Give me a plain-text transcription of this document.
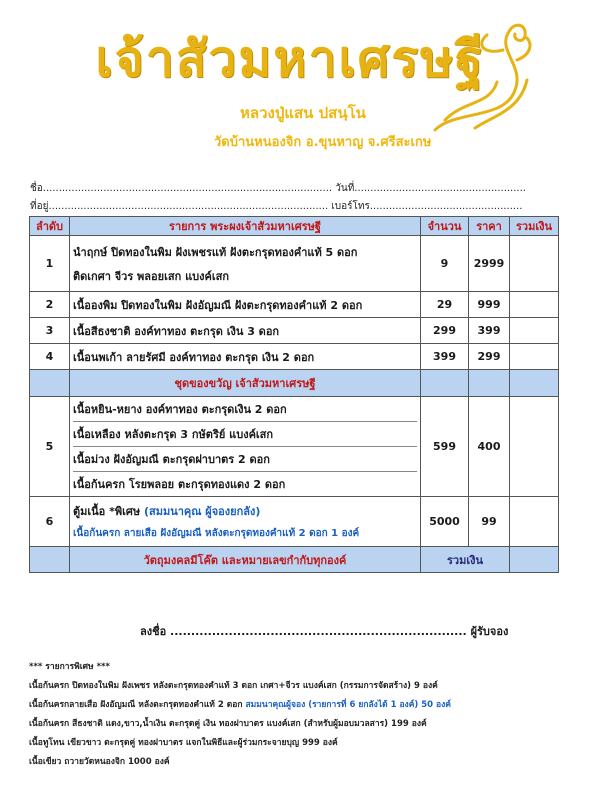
เจ้าสัวมหาเศรษฐี
หลวงปู่แสน ปสนฺโน
วัดบ้านหนองจิก อ.ขุนหาญ จ.ศรีสะเกษ
ชื่อ........................................................................................... วันที่......................................................
ที่อยู่........................................................................................ เบอร์โทร................................................
ลำดับ	รายการ พระผงเจ้าสัวมหาเศรษฐี	จำนวน	ราคา	รวมเงิน
1	นำฤกษ์ ปิดทองในพิม ฝังเพชรแท้ ฝังตะกรุดทองคำแท้ 5 ดอก
ติดเกศา จีวร พลอยเสก แบงค์เสก	9	2999	
2	เนื้อองพิม ปิดทองในพิม ฝังอัญมณี ฝังตะกรุดทองคำแท้ 2 ดอก	29	999	
3	เนื้อสีธงชาติ องค์ทาทอง ตะกรุด เงิน 3 ดอก	299	399	
4	เนื้อนพเก้า ลายรัศมี องค์ทาทอง ตะกรุด เงิน 2 ดอก	399	299	
	ชุดของขวัญ เจ้าสัวมหาเศรษฐี			
5	เนื้อหยิน-หยาง องค์ทาทอง ตะกรุดเงิน 2 ดอก
เนื้อเหลือง หลังตะกรุด 3 กษัตริย์ แบงค์เสก
เนื้อม่วง ฝังอัญมณี ตะกรุดฝาบาตร 2 ดอก
เนื้อก้นครก โรยพลอย ตะกรุดทองแดง 2 ดอก	599	400	
6	ตู้มเนื้อ *พิเศษ (สมมนาคุณ ผู้จองยกลัง)
เนื้อก้นครก ลายเสือ ฝังอัญมณี หลังตะกรุดทองคำแท้ 2 ดอก 1 องค์	5000	99	
	วัตถุมงคลมีโค๊ต และหมายเลขกำกับทุกองค์	รวมเงิน		
ลงชื่อ ....................................................................... ผู้รับจอง
*** รายการพิเศษ ***
เนื้อก้นครก ปิดทองในพิม ฝังเพชร หลังตะกรุดทองคำแท้ 3 ดอก เกศา+จีวร แบงค์เสก (กรรมการจัดสร้าง) 9 องค์
เนื้อก้นครกลายเสือ ฝังอัญมณี หลังตะกรุดทองคำแท้ 2 ดอก สมมนาคุณผู้จอง (รายการที่ 6 ยกลังได้ 1 องค์) 50 องค์
เนื้อก้นครก สีธงชาติ แดง,ขาว,น้ำเงิน ตะกรุดคู่ เงิน ทองฝาบาตร แบงค์เสก (สำหรับผู้มอบมวลสาร) 199 องค์
เนื้อทูโทน เขียวขาว ตะกรุดคู่ ทองฝาบาตร แจกในพิธีและผู้ร่วมกระจายบุญ 999 องค์
เนื้อเขียว ถวายวัดหนองจิก 1000 องค์
